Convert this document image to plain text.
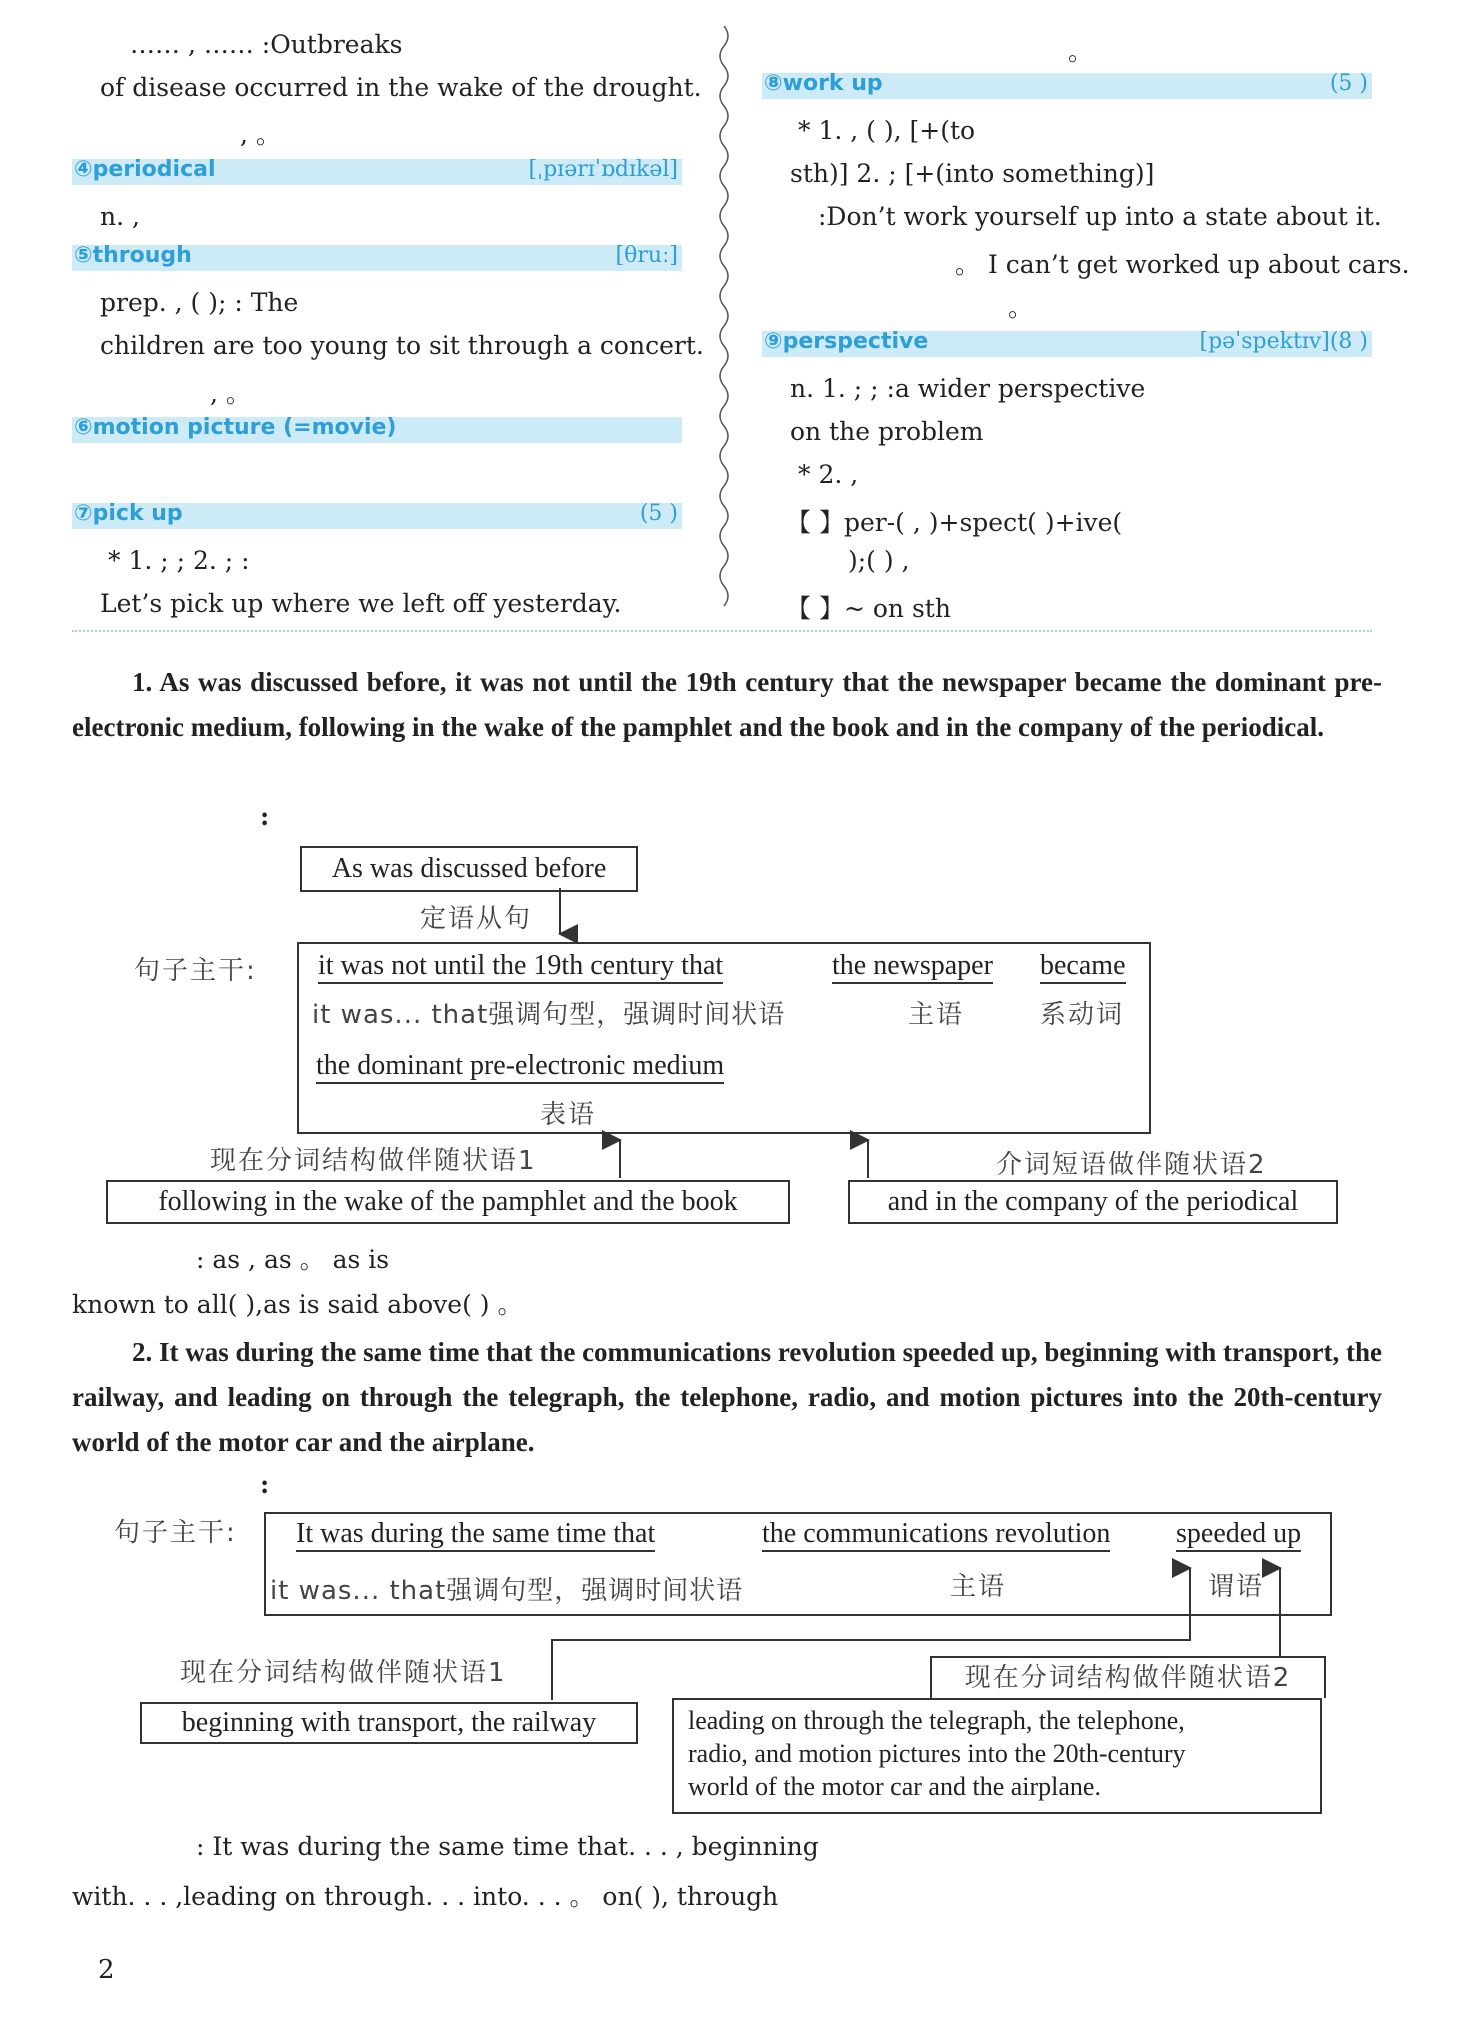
…… , …… :Outbreaks
of disease occurred in the wake of the drought.
, 。
④periodical	[ˌpɪərɪˈɒdɪkəl]
n. ,
⑤through	[θruː]
prep. , ( ); : The
children are too young to sit through a concert.
, 。
⑥motion picture (=movie)
⑦pick up	(5 )
* 1. ; ; 2. ; :
Let’s pick up where we left off yesterday.
。
⑧work up	(5 )
* 1. , ( ), [+(to
sth)] 2. ; [+(into something)]
:Don’t work yourself up into a state about it.
。 I can’t get worked up about cars.
。
⑨perspective	[pəˈspektɪv](8 )
n. 1. ; ; :a wider perspective
on the problem
* 2. ,
【 】per-( , )+spect( )+ive(
);( ) ,
【 】~ on sth
1. As was discussed before, it was not until the 19th century that the newspaper became the dominant pre-electronic medium, following in the wake of the pamphlet and the book and in the company of the periodical.
:
As was discussed before
定语从句
句子主干: it was not until the 19th century that	the newspaper became
it was... that强调句型，强调时间状语	主语	系动词
the dominant pre-electronic medium
表语
现在分词结构做伴随状语1	介词短语做伴随状语2
following in the wake of the pamphlet and the book	and in the company of the periodical
: as , as 。 as is
known to all( ),as is said above( ) 。
2. It was during the same time that the communications revolution speeded up, beginning with transport, the railway, and leading on through the telegraph, the telephone, radio, and motion pictures into the 20th-century world of the motor car and the airplane.
:
句子主干: It was during the same time that	the communications revolution speeded up
it was... that强调句型，强调时间状语	主语	谓语
现在分词结构做伴随状语1	现在分词结构做伴随状语2
beginning with transport, the railway	leading on through the telegraph, the telephone,
radio, and motion pictures into the 20th-century
world of the motor car and the airplane.
: It was during the same time that. . . , beginning
with. . . ,leading on through. . . into. . . 。 on( ), through
2
